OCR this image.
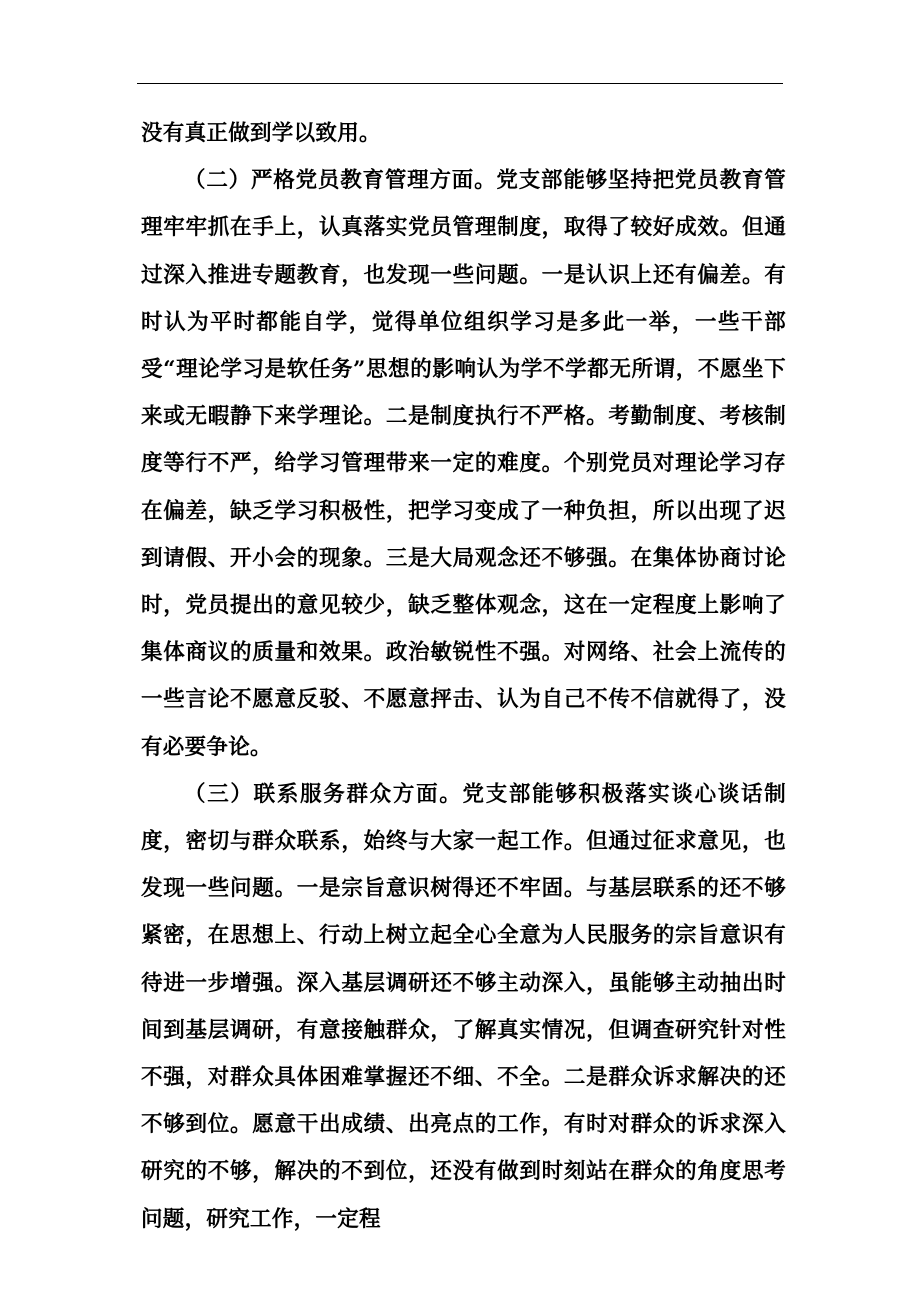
没有真正做到学以致用。

（二）严格党员教育管理方面。党支部能够坚持把党员教育管理牢牢抓在手上，认真落实党员管理制度，取得了较好成效。但通过深入推进专题教育，也发现一些问题。一是认识上还有偏差。有时认为平时都能自学，觉得单位组织学习是多此一举，一些干部受“理论学习是软任务”思想的影响认为学不学都无所谓，不愿坐下来或无暇静下来学理论。二是制度执行不严格。考勤制度、考核制度等行不严，给学习管理带来一定的难度。个别党员对理论学习存在偏差，缺乏学习积极性，把学习变成了一种负担，所以出现了迟到请假、开小会的现象。三是大局观念还不够强。在集体协商讨论时，党员提出的意见较少，缺乏整体观念，这在一定程度上影响了集体商议的质量和效果。政治敏锐性不强。对网络、社会上流传的一些言论不愿意反驳、不愿意抨击、认为自己不传不信就得了，没有必要争论。

（三）联系服务群众方面。党支部能够积极落实谈心谈话制度，密切与群众联系，始终与大家一起工作。但通过征求意见，也发现一些问题。一是宗旨意识树得还不牢固。与基层联系的还不够紧密，在思想上、行动上树立起全心全意为人民服务的宗旨意识有待进一步增强。深入基层调研还不够主动深入，虽能够主动抽出时间到基层调研，有意接触群众，了解真实情况，但调查研究针对性不强，对群众具体困难掌握还不细、不全。二是群众诉求解决的还不够到位。愿意干出成绩、出亮点的工作，有时对群众的诉求深入研究的不够，解决的不到位，还没有做到时刻站在群众的角度思考问题，研究工作，一定程
